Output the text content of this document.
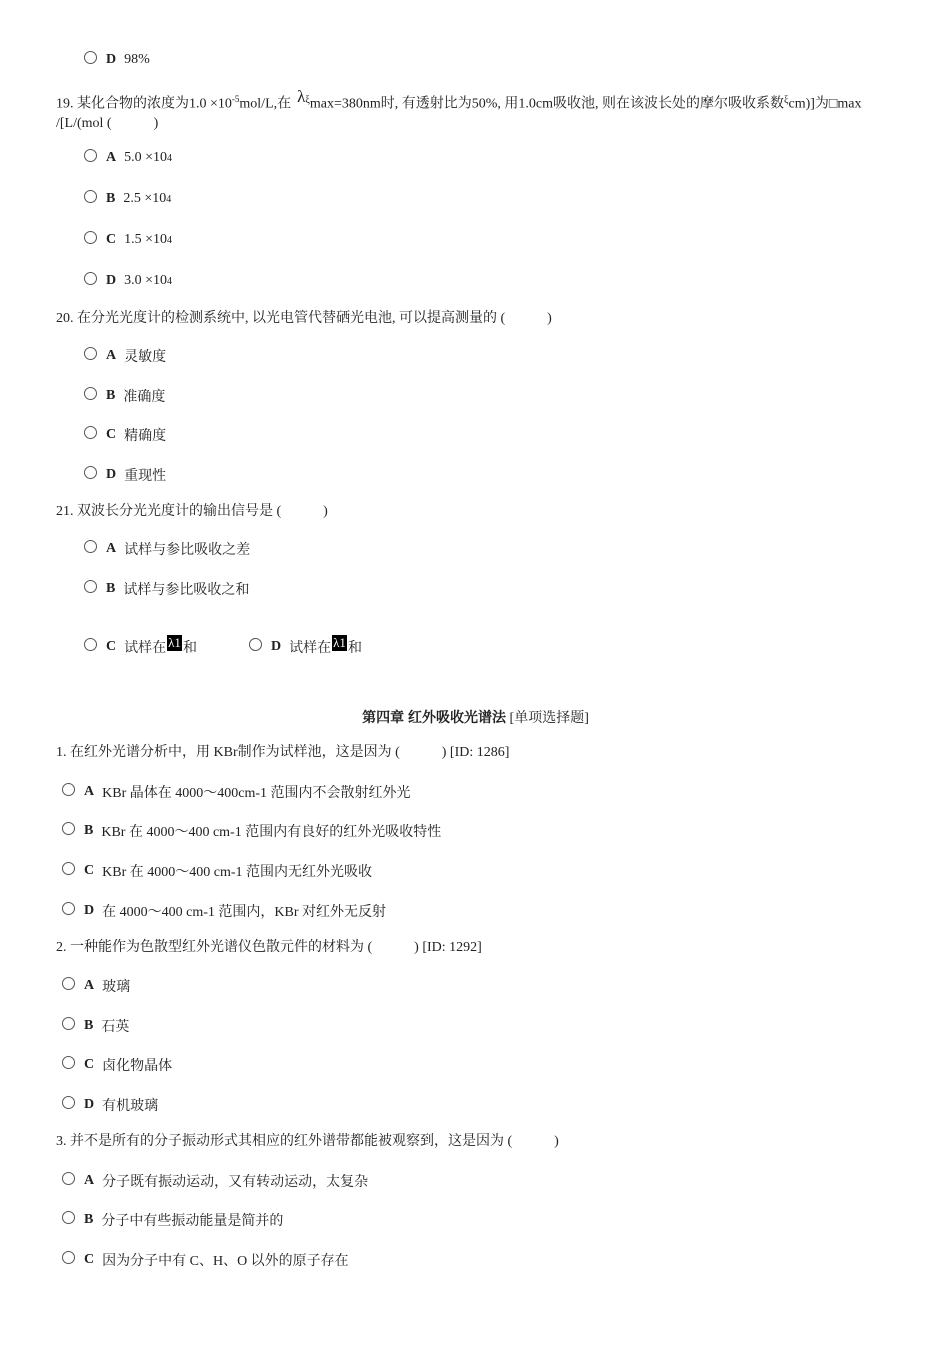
D 98%
19. 某化合物的浓度为$1.0 \times 10^{-5}mol/L$,在 $\lambda^\xi\max=380nm$时, 有透射比为50%, 用1.0cm吸收池, 则在该波长处的摩尔吸收系数$^\xi$cm)]为□max
/[L/(mol (　　　)
A 5.0 ×10 4
B 2.5 ×10 4
C 1.5 ×10 4
D 3.0 ×10 4
20. 在分光光度计的检测系统中, 以光电管代替硒光电池, 可以提高测量的 (　　　)
A 灵敏度
B 准确度
C 精确度
D 重现性
21. 双波长分光光度计的输出信号是 (　　　)
A 试样与参比吸收之差
B 试样与参比吸收之和
C 试样在 λ1 和	D 试样在 λ1 和
第四章 红外吸收光谱法 [单项选择题]
1. 在红外光谱分析中，用 KBr制作为试样池，这是因为 (　　　) [ID: 1286]
A KBr 晶体在 4000～400cm-1 范围内不会散射红外光
B KBr 在 4000～400 cm-1 范围内有良好的红外光吸收特性
C KBr 在 4000～400 cm-1 范围内无红外光吸收
D 在 4000～400 cm-1 范围内，KBr 对红外无反射
2. 一种能作为色散型红外光谱仪色散元件的材料为 (　　　) [ID: 1292]
A 玻璃
B 石英
C 卤化物晶体
D 有机玻璃
3. 并不是所有的分子振动形式其相应的红外谱带都能被观察到，这是因为 (　　　)
A 分子既有振动运动，又有转动运动，太复杂
B 分子中有些振动能量是简并的
C 因为分子中有 C、H、O 以外的原子存在
